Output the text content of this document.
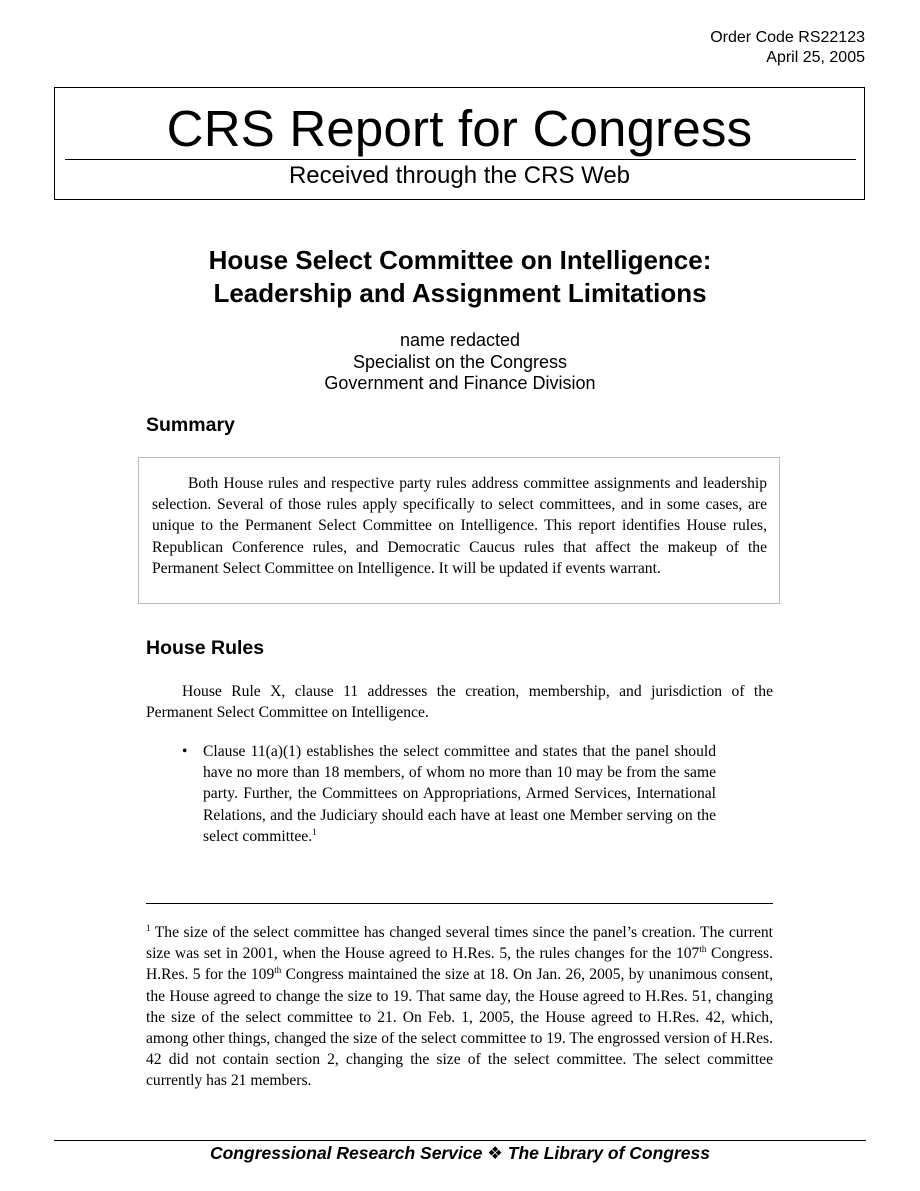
Order Code RS22123
April 25, 2005
CRS Report for Congress
Received through the CRS Web
House Select Committee on Intelligence:
Leadership and Assignment Limitations
name redacted
Specialist on the Congress
Government and Finance Division
Summary
Both House rules and respective party rules address committee assignments and leadership selection. Several of those rules apply specifically to select committees, and in some cases, are unique to the Permanent Select Committee on Intelligence. This report identifies House rules, Republican Conference rules, and Democratic Caucus rules that affect the makeup of the Permanent Select Committee on Intelligence. It will be updated if events warrant.
House Rules
House Rule X, clause 11 addresses the creation, membership, and jurisdiction of the Permanent Select Committee on Intelligence.
• Clause 11(a)(1) establishes the select committee and states that the panel should have no more than 18 members, of whom no more than 10 may be from the same party. Further, the Committees on Appropriations, Armed Services, International Relations, and the Judiciary should each have at least one Member serving on the select committee.$^1$
$^1$ The size of the select committee has changed several times since the panel’s creation. The current size was set in 2001, when the House agreed to H.Res. 5, the rules changes for the 107th Congress. H.Res. 5 for the 109th Congress maintained the size at 18. On Jan. 26, 2005, by unanimous consent, the House agreed to change the size to 19. That same day, the House agreed to H.Res. 51, changing the size of the select committee to 21. On Feb. 1, 2005, the House agreed to H.Res. 42, which, among other things, changed the size of the select committee to 19. The engrossed version of H.Res. 42 did not contain section 2, changing the size of the select committee. The select committee currently has 21 members.
Congressional Research Service ❖ The Library of Congress
